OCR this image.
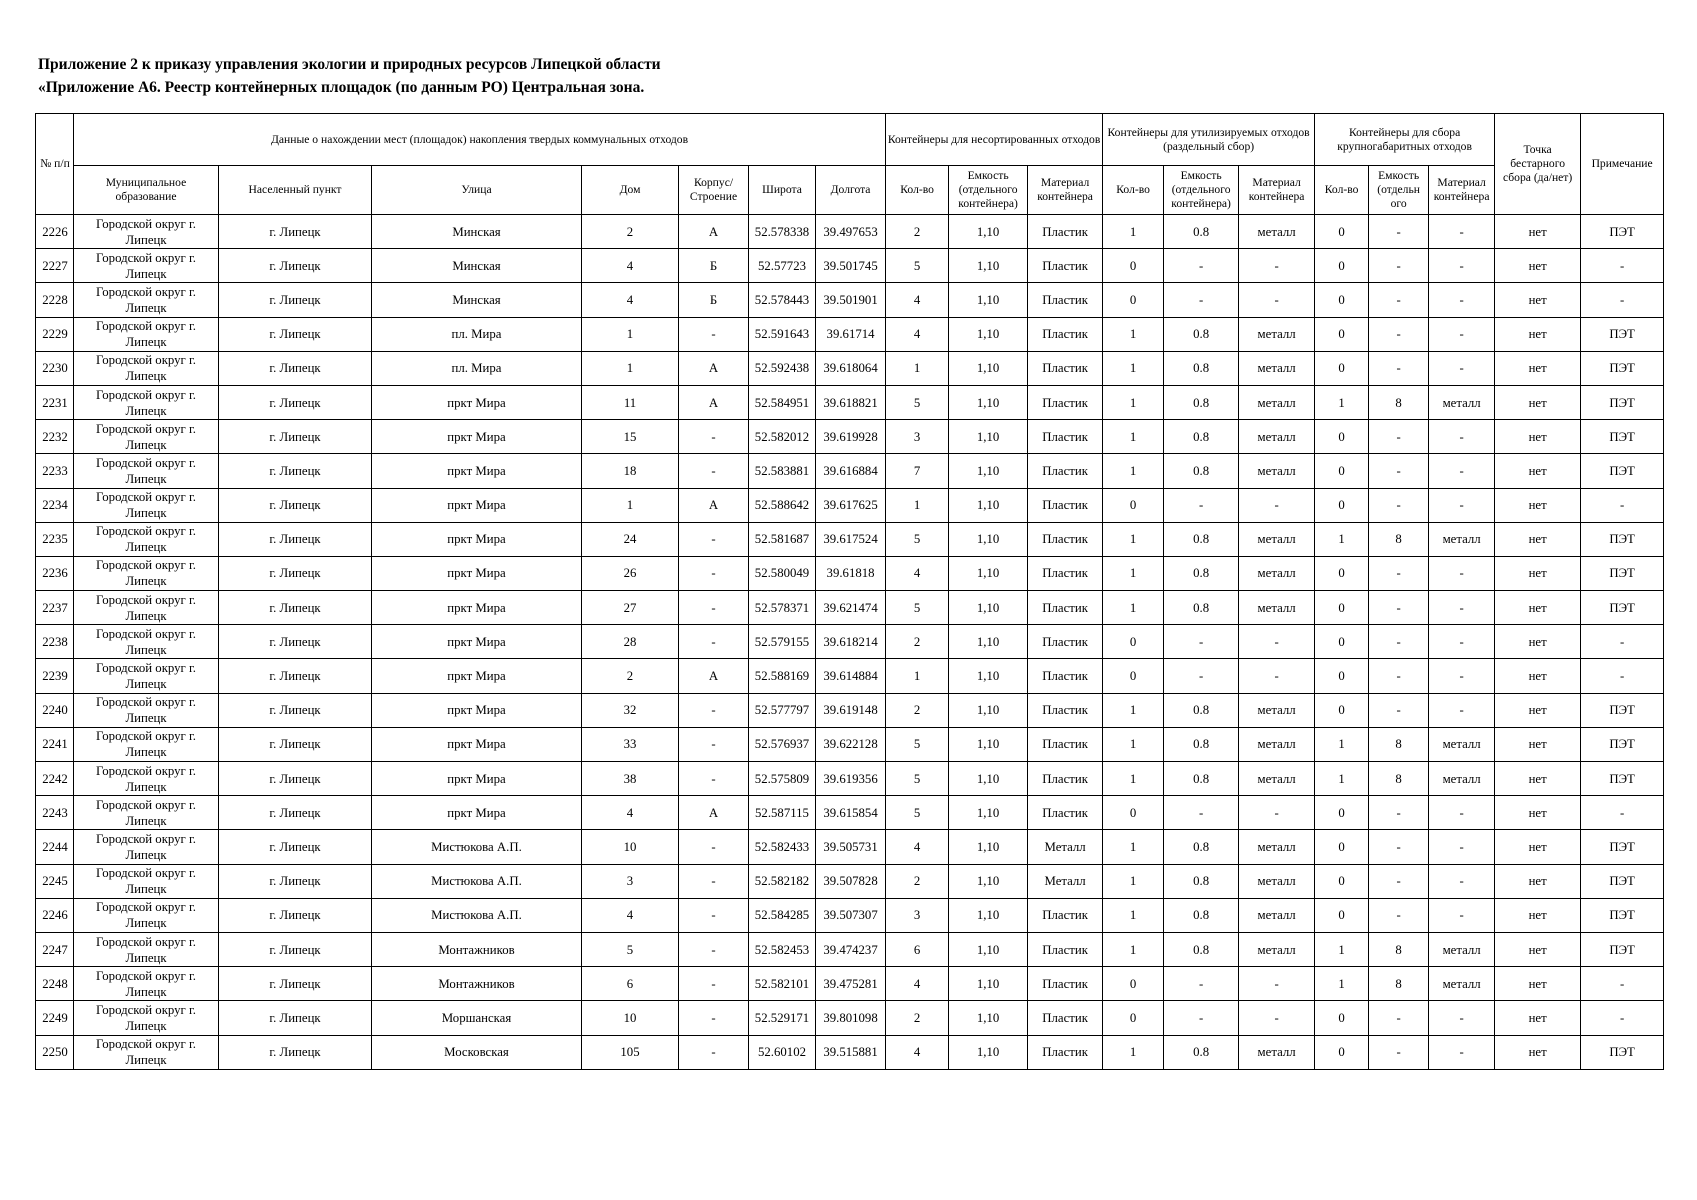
Приложение 2 к приказу управления экологии и природных ресурсов Липецкой области
«Приложение А6. Реестр контейнерных площадок (по данным РО) Центральная зона.
№ п/п	Данные о нахождении мест (площадок) накопления твердых коммунальных отходов							Контейнеры для несортированных отходов			Контейнеры для утилизируемых отходов (раздельный сбор)			Контейнеры для сбора крупногабаритных отходов			Точка бестарного сбора (да/нет)	Примечание
	Муниципальное образование	Населенный пункт	Улица	Дом	Корпус/ Строение	Широта	Долгота	Кол-во	Емкость (отдельного контейнера)	Материал контейнера	Кол-во	Емкость (отдельного контейнера)	Материал контейнера	Кол-во	Емкость (отдельн ого	Материал контейнера		
2226	Городской округ г. Липецк	г. Липецк	Минская	2	А	52.578338	39.497653	2	1,10	Пластик	1	0.8	металл	0	-	-	нет	ПЭТ
2227	Городской округ г. Липецк	г. Липецк	Минская	4	Б	52.57723	39.501745	5	1,10	Пластик	0	-	-	0	-	-	нет	-
2228	Городской округ г. Липецк	г. Липецк	Минская	4	Б	52.578443	39.501901	4	1,10	Пластик	0	-	-	0	-	-	нет	-
2229	Городской округ г. Липецк	г. Липецк	пл. Мира	1	-	52.591643	39.61714	4	1,10	Пластик	1	0.8	металл	0	-	-	нет	ПЭТ
2230	Городской округ г. Липецк	г. Липецк	пл. Мира	1	А	52.592438	39.618064	1	1,10	Пластик	1	0.8	металл	0	-	-	нет	ПЭТ
2231	Городской округ г. Липецк	г. Липецк	пркт Мира	11	А	52.584951	39.618821	5	1,10	Пластик	1	0.8	металл	1	8	металл	нет	ПЭТ
2232	Городской округ г. Липецк	г. Липецк	пркт Мира	15	-	52.582012	39.619928	3	1,10	Пластик	1	0.8	металл	0	-	-	нет	ПЭТ
2233	Городской округ г. Липецк	г. Липецк	пркт Мира	18	-	52.583881	39.616884	7	1,10	Пластик	1	0.8	металл	0	-	-	нет	ПЭТ
2234	Городской округ г. Липецк	г. Липецк	пркт Мира	1	А	52.588642	39.617625	1	1,10	Пластик	0	-	-	0	-	-	нет	-
2235	Городской округ г. Липецк	г. Липецк	пркт Мира	24	-	52.581687	39.617524	5	1,10	Пластик	1	0.8	металл	1	8	металл	нет	ПЭТ
2236	Городской округ г. Липецк	г. Липецк	пркт Мира	26	-	52.580049	39.61818	4	1,10	Пластик	1	0.8	металл	0	-	-	нет	ПЭТ
2237	Городской округ г. Липецк	г. Липецк	пркт Мира	27	-	52.578371	39.621474	5	1,10	Пластик	1	0.8	металл	0	-	-	нет	ПЭТ
2238	Городской округ г. Липецк	г. Липецк	пркт Мира	28	-	52.579155	39.618214	2	1,10	Пластик	0	-	-	0	-	-	нет	-
2239	Городской округ г. Липецк	г. Липецк	пркт Мира	2	А	52.588169	39.614884	1	1,10	Пластик	0	-	-	0	-	-	нет	-
2240	Городской округ г. Липецк	г. Липецк	пркт Мира	32	-	52.577797	39.619148	2	1,10	Пластик	1	0.8	металл	0	-	-	нет	ПЭТ
2241	Городской округ г. Липецк	г. Липецк	пркт Мира	33	-	52.576937	39.622128	5	1,10	Пластик	1	0.8	металл	1	8	металл	нет	ПЭТ
2242	Городской округ г. Липецк	г. Липецк	пркт Мира	38	-	52.575809	39.619356	5	1,10	Пластик	1	0.8	металл	1	8	металл	нет	ПЭТ
2243	Городской округ г. Липецк	г. Липецк	пркт Мира	4	А	52.587115	39.615854	5	1,10	Пластик	0	-	-	0	-	-	нет	-
2244	Городской округ г. Липецк	г. Липецк	Мистюкова А.П.	10	-	52.582433	39.505731	4	1,10	Металл	1	0.8	металл	0	-	-	нет	ПЭТ
2245	Городской округ г. Липецк	г. Липецк	Мистюкова А.П.	3	-	52.582182	39.507828	2	1,10	Металл	1	0.8	металл	0	-	-	нет	ПЭТ
2246	Городской округ г. Липецк	г. Липецк	Мистюкова А.П.	4	-	52.584285	39.507307	3	1,10	Пластик	1	0.8	металл	0	-	-	нет	ПЭТ
2247	Городской округ г. Липецк	г. Липецк	Монтажников	5	-	52.582453	39.474237	6	1,10	Пластик	1	0.8	металл	1	8	металл	нет	ПЭТ
2248	Городской округ г. Липецк	г. Липецк	Монтажников	6	-	52.582101	39.475281	4	1,10	Пластик	0	-	-	1	8	металл	нет	-
2249	Городской округ г. Липецк	г. Липецк	Моршанская	10	-	52.529171	39.801098	2	1,10	Пластик	0	-	-	0	-	-	нет	-
2250	Городской округ г. Липецк	г. Липецк	Московская	105	-	52.60102	39.515881	4	1,10	Пластик	1	0.8	металл	0	-	-	нет	ПЭТ
